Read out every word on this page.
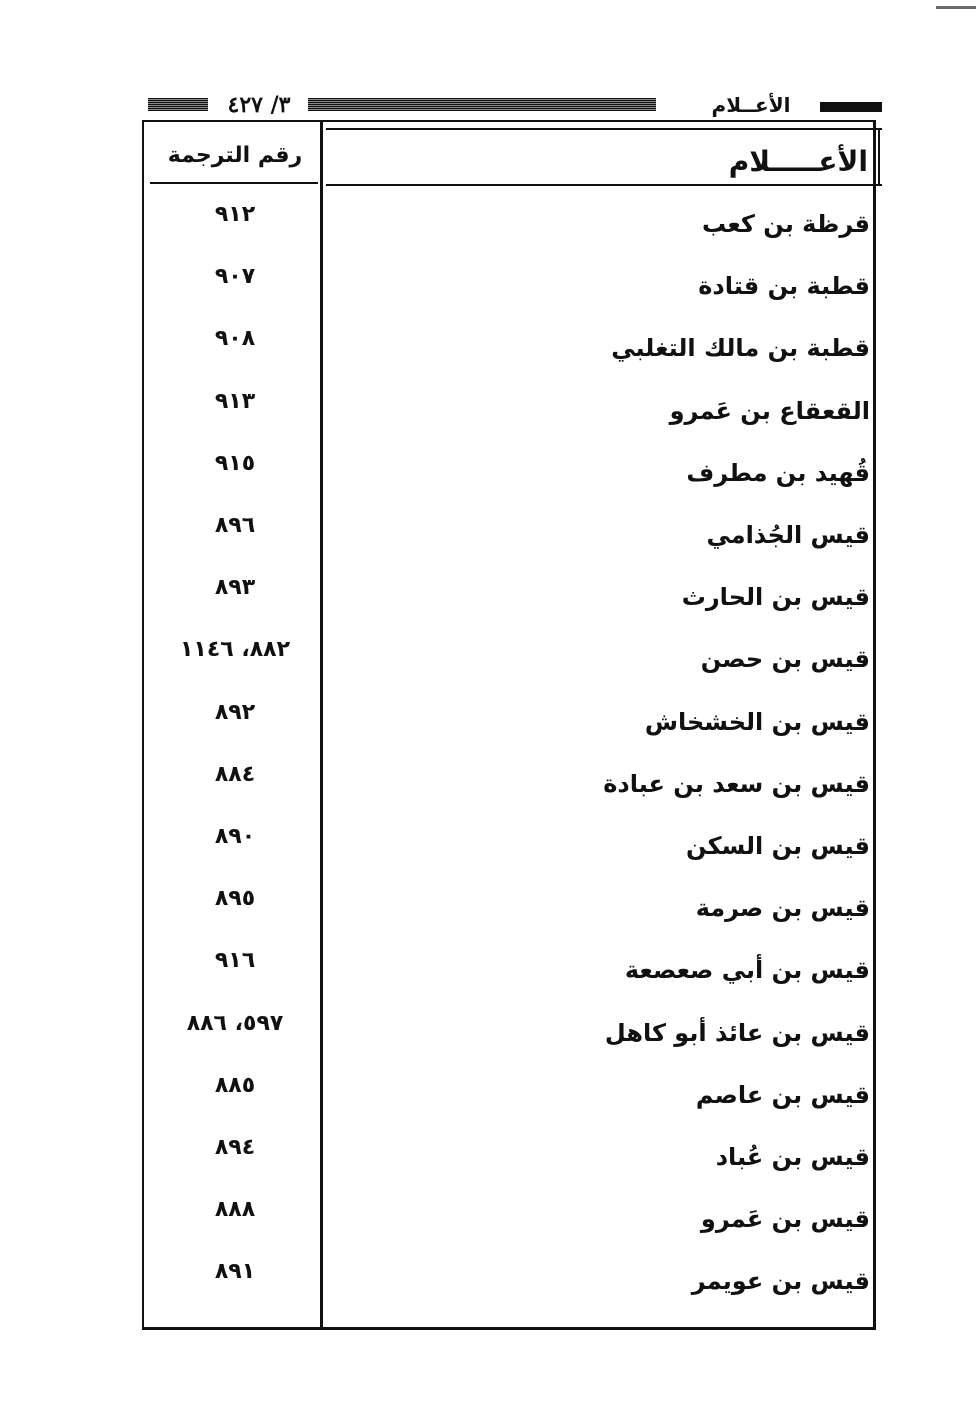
٣/ ٤٢٧	الأعــلام
رقم الترجمة	الأعـــــلام
٩١٢	قرظة بن كعب
٩٠٧	قطبة بن قتادة
٩٠٨	قطبة بن مالك التغلبي
٩١٣	القعقاع بن عَمرو
٩١٥	قُهيد بن مطرف
٨٩٦	قيس الجُذامي
٨٩٣	قيس بن الحارث
٨٨٢، ١١٤٦	قيس بن حصن
٨٩٢	قيس بن الخشخاش
٨٨٤	قيس بن سعد بن عبادة
٨٩٠	قيس بن السكن
٨٩٥	قيس بن صرمة
٩١٦	قيس بن أبي صعصعة
٥٩٧، ٨٨٦	قيس بن عائذ أبو كاهل
٨٨٥	قيس بن عاصم
٨٩٤	قيس بن عُباد
٨٨٨	قيس بن عَمرو
٨٩١	قيس بن عويمر
